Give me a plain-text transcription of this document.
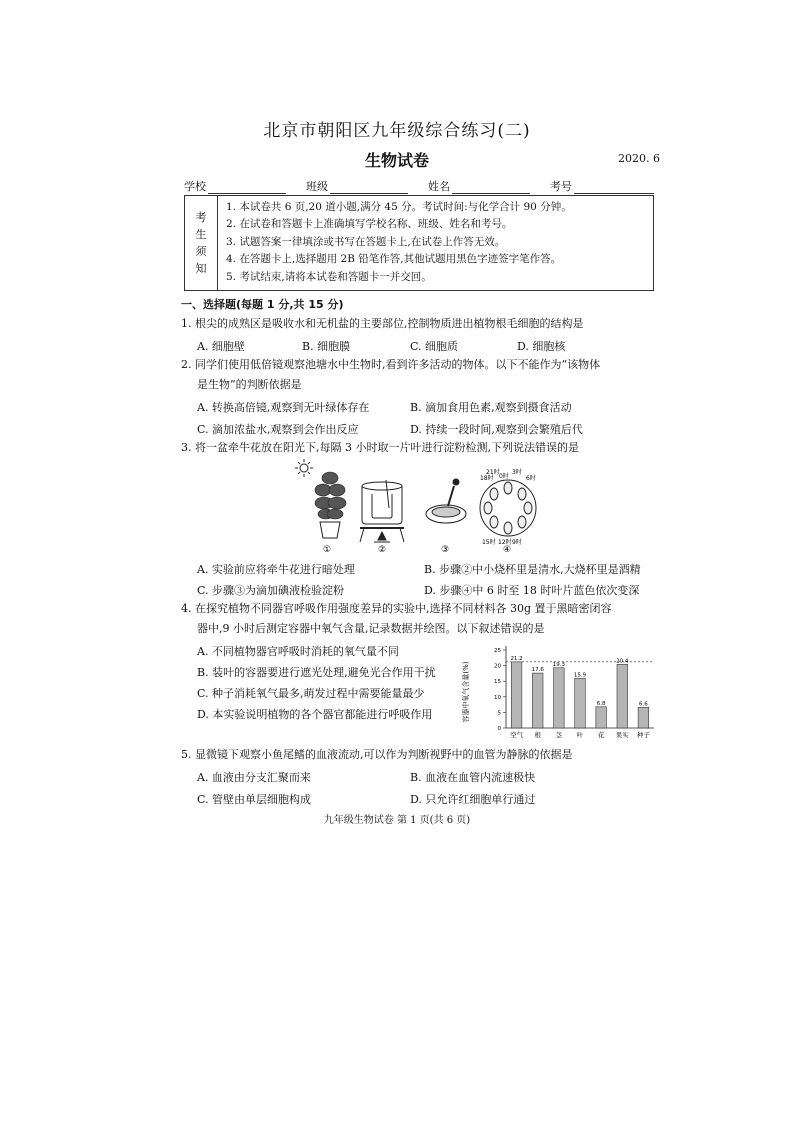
北京市朝阳区九年级综合练习(二)
生物试卷	2020. 6
学校	班级	姓名	考号
考
生
须
知
1. 本试卷共 6 页,20 道小题,满分 45 分。考试时间:与化学合计 90 分钟。
2. 在试卷和答题卡上准确填写学校名称、班级、姓名和考号。
3. 试题答案一律填涂或书写在答题卡上,在试卷上作答无效。
4. 在答题卡上,选择题用 2B 铅笔作答,其他试题用黑色字迹签字笔作答。
5. 考试结束,请将本试卷和答题卡一并交回。
一、选择题(每题 1 分,共 15 分)
1. 根尖的成熟区是吸收水和无机盐的主要部位,控制物质进出植物根毛细胞的结构是
A. 细胞壁	B. 细胞膜	C. 细胞质	D. 细胞核
2. 同学们使用低倍镜观察池塘水中生物时,看到许多活动的物体。以下不能作为“该物体
是生物”的判断依据是
A. 转换高倍镜,观察到无叶绿体存在	B. 滴加食用色素,观察到摄食活动
C. 滴加浓盐水,观察到会作出反应	D. 持续一段时间,观察到会繁殖后代
3. 将一盆牵牛花放在阳光下,每隔 3 小时取一片叶进行淀粉检测,下列说法错误的是
0时
3时
21时
18时	6时
9时
12时
15时
①	②	③	④
A. 实验前应将牵牛花进行暗处理	B. 步骤②中小烧杯里是清水,大烧杯里是酒精
C. 步骤③为滴加碘液检验淀粉	D. 步骤④中 6 时至 18 时叶片蓝色依次变深
4. 在探究植物不同器官呼吸作用强度差异的实验中,选择不同材料各 30g 置于黑暗密闭容
器中,9 小时后测定容器中氧气含量,记录数据并绘图。以下叙述错误的是
A. 不同植物器官呼吸时消耗的氧气量不同
B. 装叶的容器要进行遮光处理,避免光合作用干扰
C. 种子消耗氧气最多,萌发过程中需要能量最少
D. 本实验说明植物的各个器官都能进行呼吸作用	容器中氧气含量(%)
0
5
10
15
20
25
21.2
空气
17.6
根
19.3
茎
15.9
叶
6.8
花
20.4
果实
6.6
种子
5. 显微镜下观察小鱼尾鳍的血液流动,可以作为判断视野中的血管为静脉的依据是
A. 血液由分支汇聚而来	B. 血液在血管内流速极快
C. 管壁由单层细胞构成	D. 只允许红细胞单行通过
九年级生物试卷 第 1 页(共 6 页)
